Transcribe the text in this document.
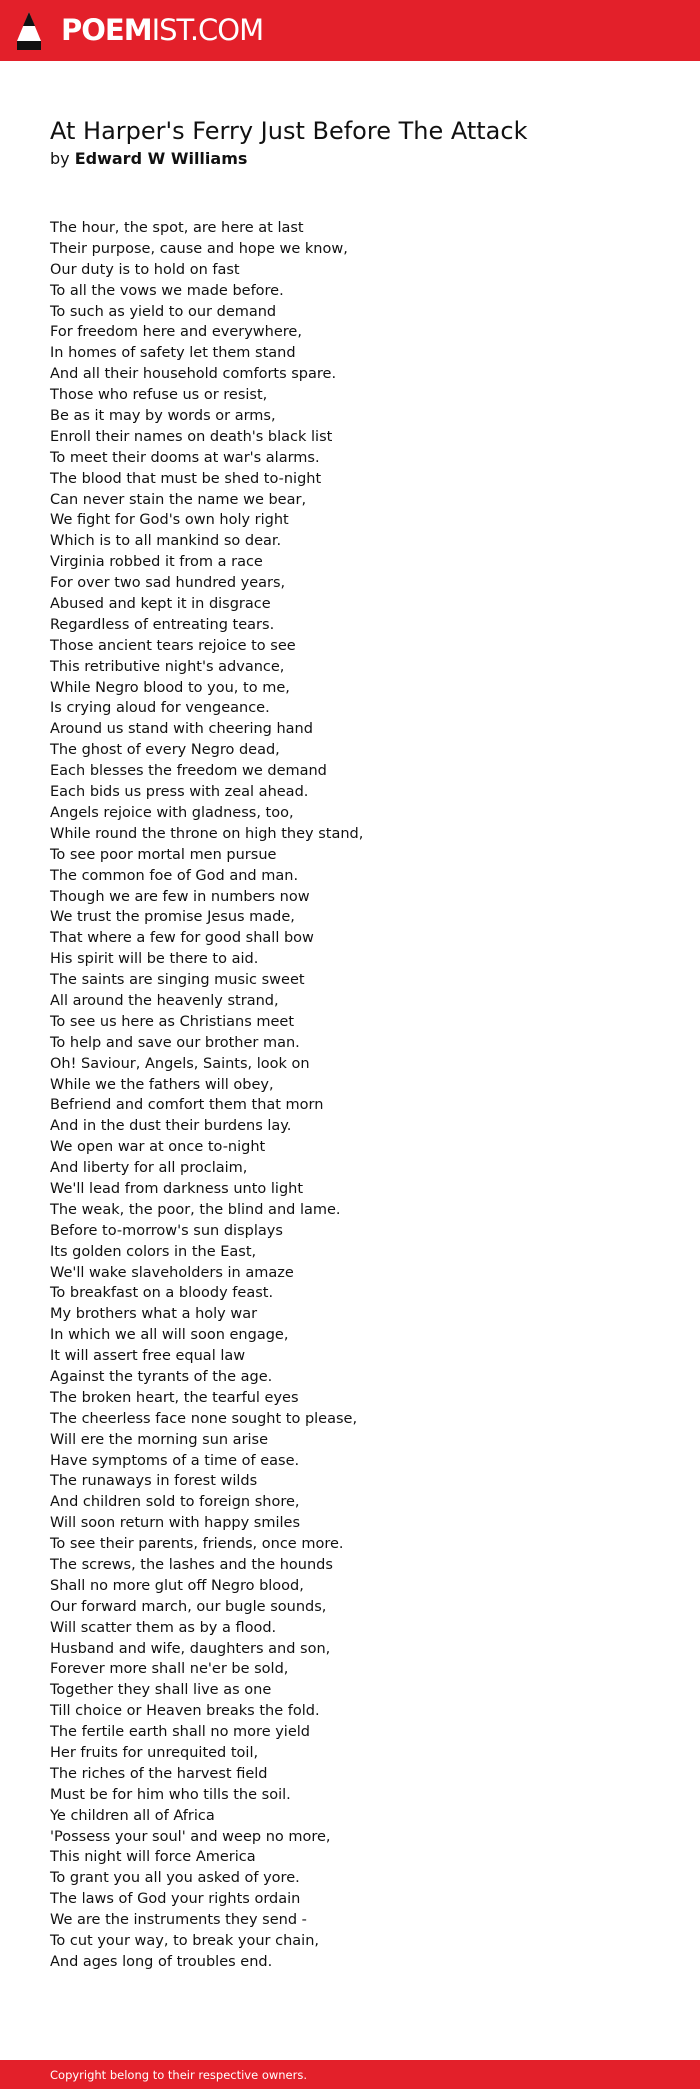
POEMIST.COM
At Harper's Ferry Just Before The Attack
by Edward W Williams
The hour, the spot, are here at last
Their purpose, cause and hope we know,
Our duty is to hold on fast
To all the vows we made before.
To such as yield to our demand
For freedom here and everywhere,
In homes of safety let them stand
And all their household comforts spare.
Those who refuse us or resist,
Be as it may by words or arms,
Enroll their names on death's black list
To meet their dooms at war's alarms.
The blood that must be shed to-night
Can never stain the name we bear,
We fight for God's own holy right
Which is to all mankind so dear.
Virginia robbed it from a race
For over two sad hundred years,
Abused and kept it in disgrace
Regardless of entreating tears.
Those ancient tears rejoice to see
This retributive night's advance,
While Negro blood to you, to me,
Is crying aloud for vengeance.
Around us stand with cheering hand
The ghost of every Negro dead,
Each blesses the freedom we demand
Each bids us press with zeal ahead.
Angels rejoice with gladness, too,
While round the throne on high they stand,
To see poor mortal men pursue
The common foe of God and man.
Though we are few in numbers now
We trust the promise Jesus made,
That where a few for good shall bow
His spirit will be there to aid.
The saints are singing music sweet
All around the heavenly strand,
To see us here as Christians meet
To help and save our brother man.
Oh! Saviour, Angels, Saints, look on
While we the fathers will obey,
Befriend and comfort them that morn
And in the dust their burdens lay.
We open war at once to-night
And liberty for all proclaim,
We'll lead from darkness unto light
The weak, the poor, the blind and lame.
Before to-morrow's sun displays
Its golden colors in the East,
We'll wake slaveholders in amaze
To breakfast on a bloody feast.
My brothers what a holy war
In which we all will soon engage,
It will assert free equal law
Against the tyrants of the age.
The broken heart, the tearful eyes
The cheerless face none sought to please,
Will ere the morning sun arise
Have symptoms of a time of ease.
The runaways in forest wilds
And children sold to foreign shore,
Will soon return with happy smiles
To see their parents, friends, once more.
The screws, the lashes and the hounds
Shall no more glut off Negro blood,
Our forward march, our bugle sounds,
Will scatter them as by a flood.
Husband and wife, daughters and son,
Forever more shall ne'er be sold,
Together they shall live as one
Till choice or Heaven breaks the fold.
The fertile earth shall no more yield
Her fruits for unrequited toil,
The riches of the harvest field
Must be for him who tills the soil.
Ye children all of Africa
'Possess your soul' and weep no more,
This night will force America
To grant you all you asked of yore.
The laws of God your rights ordain
We are the instruments they send -
To cut your way, to break your chain,
And ages long of troubles end.
Copyright belong to their respective owners.
